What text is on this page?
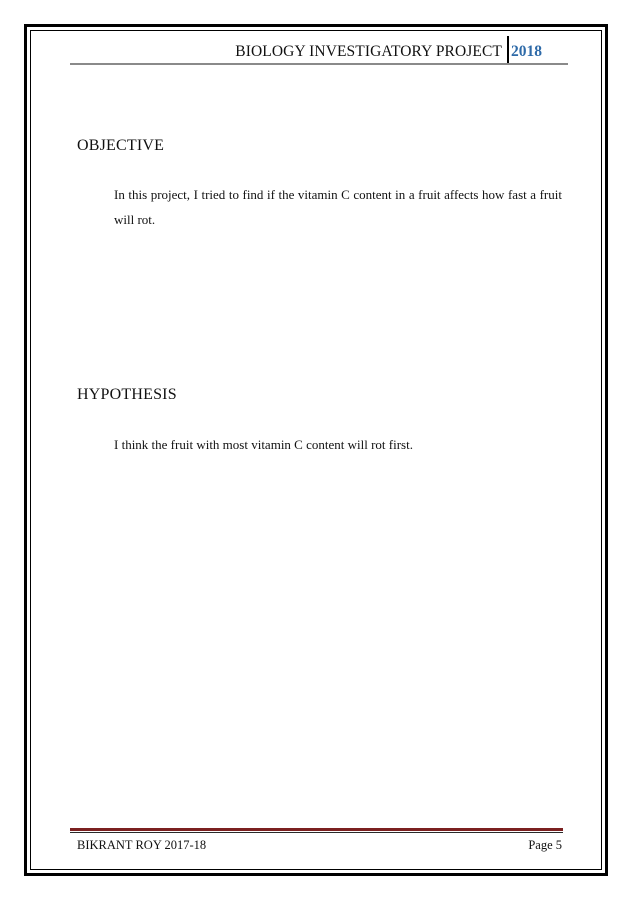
BIOLOGY INVESTIGATORY PROJECT 2018
OBJECTIVE
In this project, I tried to find if the vitamin C content in a fruit affects how fast a fruit will rot.
HYPOTHESIS
I think the fruit with most vitamin C content will rot first.
BIKRANT ROY 2017-18	Page 5
